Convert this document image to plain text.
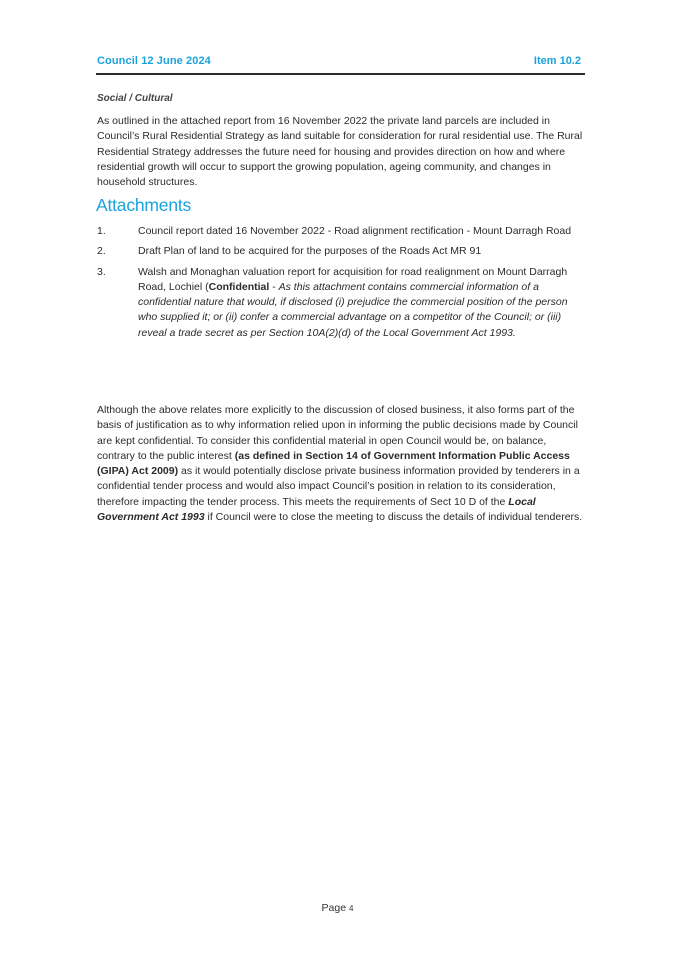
Council 12 June 2024	Item 10.2
Social / Cultural
As outlined in the attached report from 16 November 2022 the private land parcels are included in Council’s Rural Residential Strategy as land suitable for consideration for rural residential use. The Rural Residential Strategy addresses the future need for housing and provides direction on how and where residential growth will occur to support the growing population, ageing community, and changes in household structures.
Attachments
1.	Council report dated 16 November 2022 - Road alignment rectification - Mount Darragh Road
2.	Draft Plan of land to be acquired for the purposes of the Roads Act MR 91
3.	Walsh and Monaghan valuation report for acquisition for road realignment on Mount Darragh Road, Lochiel (Confidential - As this attachment contains commercial information of a confidential nature that would, if disclosed (i) prejudice the commercial position of the person who supplied it; or (ii) confer a commercial advantage on a competitor of the Council; or (iii) reveal a trade secret as per Section 10A(2)(d) of the Local Government Act 1993.
Although the above relates more explicitly to the discussion of closed business, it also forms part of the basis of justification as to why information relied upon in informing the public decisions made by Council are kept confidential. To consider this confidential material in open Council would be, on balance, contrary to the public interest (as defined in Section 14 of Government Information Public Access (GIPA) Act 2009) as it would potentially disclose private business information provided by tenderers in a confidential tender process and would also impact Council’s position in relation to its consideration, therefore impacting the tender process. This meets the requirements of Sect 10 D of the Local Government Act 1993 if Council were to close the meeting to discuss the details of individual tenderers.
Page 4
